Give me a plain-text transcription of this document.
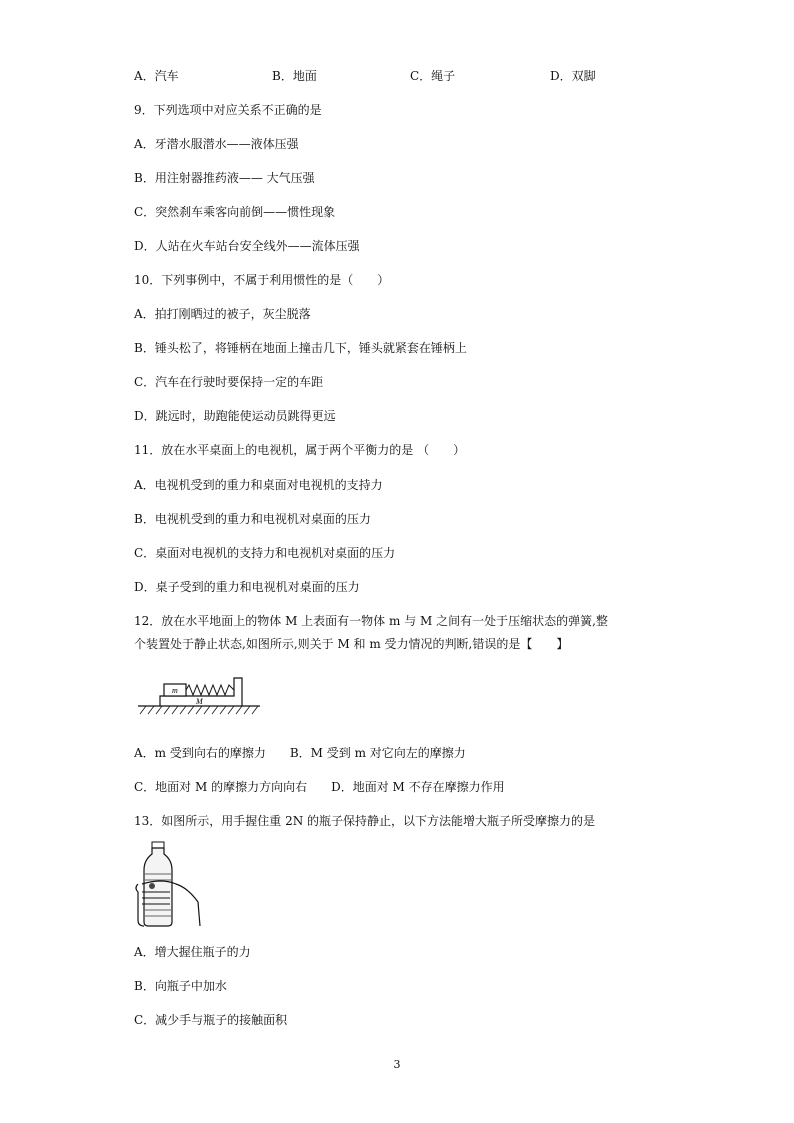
A．汽车	B．地面	C．绳子	D．双脚
9．下列选项中对应关系不正确的是
A．牙潜水服潜水——液体压强
B．用注射器推药液—— 大气压强
C．突然刹车乘客向前倒——惯性现象
D．人站在火车站台安全线外——流体压强
10．下列事例中，不属于利用惯性的是（　　）
A．拍打刚晒过的被子，灰尘脱落
B．锤头松了，将锤柄在地面上撞击几下，锤头就紧套在锤柄上
C．汽车在行驶时要保持一定的车距
D．跳远时，助跑能使运动员跳得更远
11．放在水平桌面上的电视机，属于两个平衡力的是 （　　）
A．电视机受到的重力和桌面对电视机的支持力
B．电视机受到的重力和电视机对桌面的压力
C．桌面对电视机的支持力和电视机对桌面的压力
D．桌子受到的重力和电视机对桌面的压力
12．放在水平地面上的物体 M 上表面有一物体 m 与 M 之间有一处于压缩状态的弹簧,整
个装置处于静止状态,如图所示,则关于 M 和 m 受力情况的判断,错误的是【　　】
m
M
A．m 受到向右的摩擦力　　B．M 受到 m 对它向左的摩擦力
C．地面对 M 的摩擦力方向向右　　D．地面对 M 不存在摩擦力作用
13．如图所示，用手握住重 2N 的瓶子保持静止，以下方法能增大瓶子所受摩擦力的是
A．增大握住瓶子的力
B．向瓶子中加水
C．减少手与瓶子的接触面积
3
